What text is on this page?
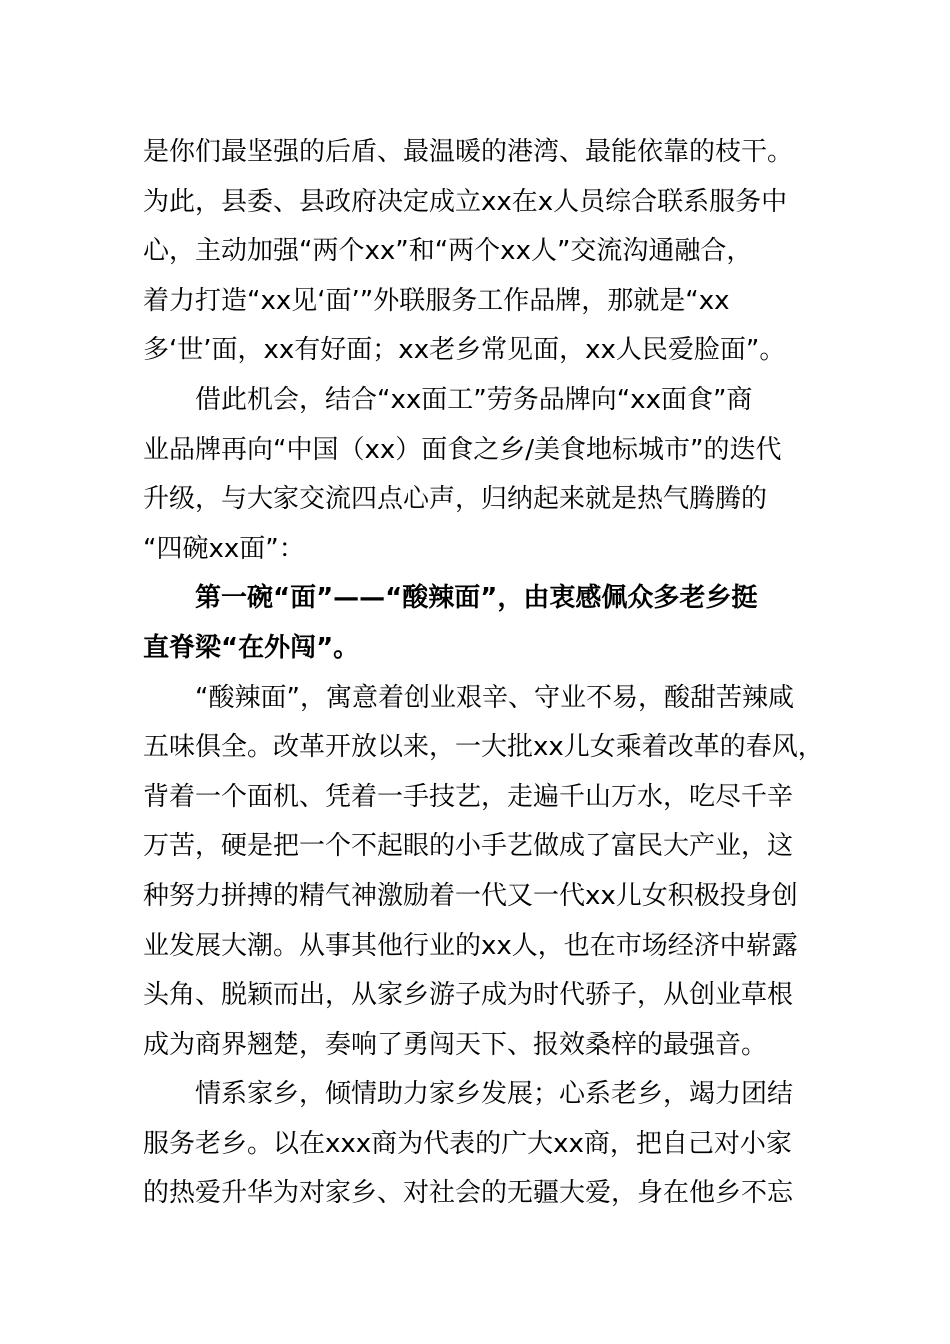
是你们最坚强的后盾、最温暖的港湾、最能依靠的枝干。
为此，县委、县政府决定成立xx在x人员综合联系服务中
心，主动加强“两个xx”和“两个xx人”交流沟通融合，
着力打造“xx见‘面’”外联服务工作品牌，那就是“xx
多‘世’面，xx有好面；xx老乡常见面，xx人民爱脸面”。
借此机会，结合“xx面工”劳务品牌向“xx面食”商
业品牌再向“中国（xx）面食之乡/美食地标城市”的迭代
升级，与大家交流四点心声，归纳起来就是热气腾腾的
“四碗xx面”：
第一碗“面”——“酸辣面”，由衷感佩众多老乡挺
直脊梁“在外闯”。
“酸辣面”，寓意着创业艰辛、守业不易，酸甜苦辣咸
五味俱全。改革开放以来，一大批xx儿女乘着改革的春风，
背着一个面机、凭着一手技艺，走遍千山万水，吃尽千辛
万苦，硬是把一个不起眼的小手艺做成了富民大产业，这
种努力拼搏的精气神激励着一代又一代xx儿女积极投身创
业发展大潮。从事其他行业的xx人，也在市场经济中崭露
头角、脱颖而出，从家乡游子成为时代骄子，从创业草根
成为商界翘楚，奏响了勇闯天下、报效桑梓的最强音。
情系家乡，倾情助力家乡发展；心系老乡，竭力团结
服务老乡。以在xxx商为代表的广大xx商，把自己对小家
的热爱升华为对家乡、对社会的无疆大爱，身在他乡不忘
